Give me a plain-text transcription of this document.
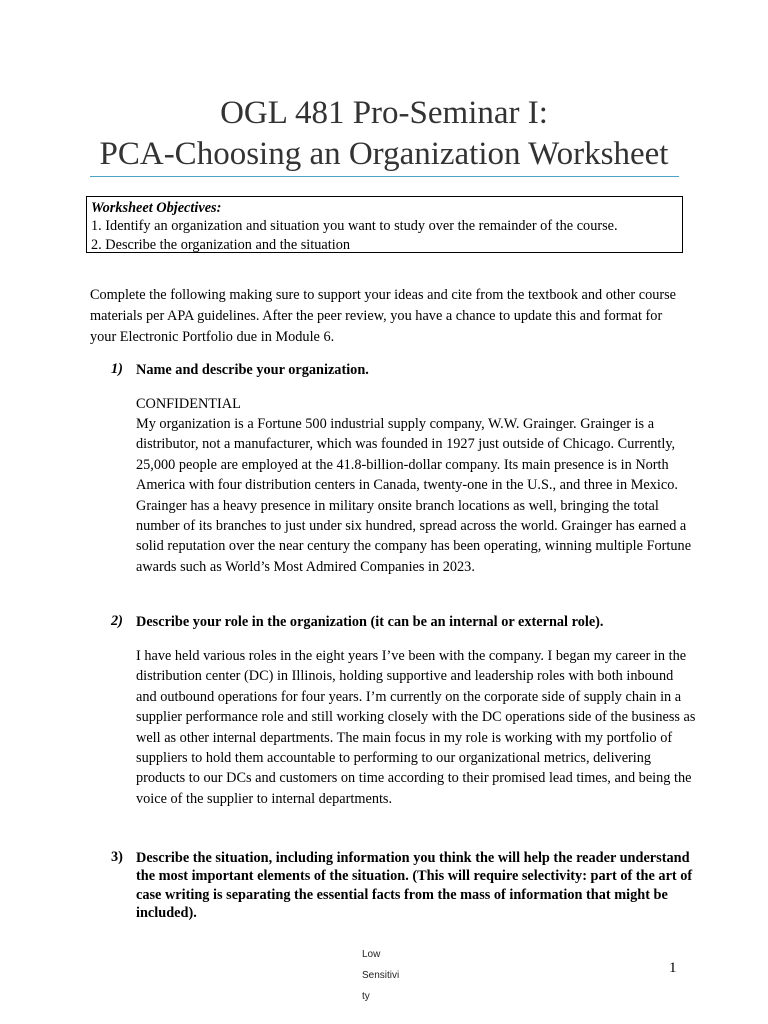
OGL 481 Pro-Seminar I:
PCA-Choosing an Organization Worksheet
Worksheet Objectives:
1. Identify an organization and situation you want to study over the remainder of the course.
2. Describe the organization and the situation
Complete the following making sure to support your ideas and cite from the textbook and other course materials per APA guidelines. After the peer review, you have a chance to update this and format for your Electronic Portfolio due in Module 6.
1) Name and describe your organization.
CONFIDENTIAL
My organization is a Fortune 500 industrial supply company, W.W. Grainger. Grainger is a distributor, not a manufacturer, which was founded in 1927 just outside of Chicago. Currently, 25,000 people are employed at the 41.8-billion-dollar company. Its main presence is in North America with four distribution centers in Canada, twenty-one in the U.S., and three in Mexico. Grainger has a heavy presence in military onsite branch locations as well, bringing the total number of its branches to just under six hundred, spread across the world. Grainger has earned a solid reputation over the near century the company has been operating, winning multiple Fortune awards such as World’s Most Admired Companies in 2023.
2) Describe your role in the organization (it can be an internal or external role).
I have held various roles in the eight years I’ve been with the company. I began my career in the distribution center (DC) in Illinois, holding supportive and leadership roles with both inbound and outbound operations for four years. I’m currently on the corporate side of supply chain in a supplier performance role and still working closely with the DC operations side of the business as well as other internal departments. The main focus in my role is working with my portfolio of suppliers to hold them accountable to performing to our organizational metrics, delivering products to our DCs and customers on time according to their promised lead times, and being the voice of the supplier to internal departments.
3) Describe the situation, including information you think the will help the reader understand the most important elements of the situation. (This will require selectivity: part of the art of case writing is separating the essential facts from the mass of information that might be included).
Low
Sensitivi
ty
1
